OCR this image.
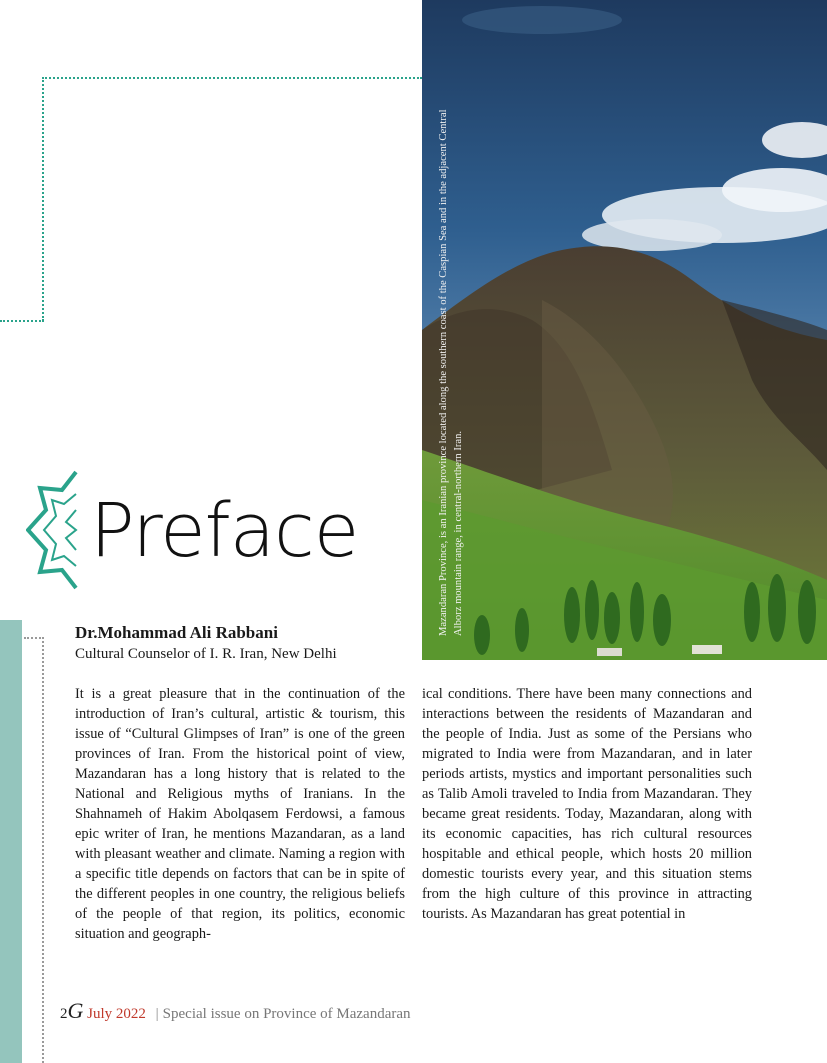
Mazandaran Province, is an Iranian province located along the southern coast of the Caspian Sea and in the adjacent Central Alborz mountain range, in central-northern Iran.
Preface
Dr.Mohammad Ali Rabbani
Cultural Counselor of I. R. Iran, New Delhi
It is a great pleasure that in the continuation of the introduction of Iran’s cultural, artistic & tourism, this issue of “Cultural Glimpses of Iran” is one of the green provinces of Iran. From the historical point of view, Mazandaran has a long history that is related to the National and Religious myths of Iranians. In the Shahnameh of Hakim Abolqasem Ferdowsi, a famous epic writer of Iran, he mentions Mazandaran, as a land with pleasant weather and climate. Naming a region with a specific title depends on factors that can be in spite of the different peoples in one country, the religious beliefs of the people of that region, its politics, economic situation and geograph-
ical conditions. There have been many connections and interactions between the residents of Mazandaran and the people of India. Just as some of the Persians who migrated to India were from Mazandaran, and in later periods artists, mystics and important personalities such as Talib Amoli traveled to India from Mazandaran. They became great residents. Today, Mazandaran, along with its economic capacities, has rich cultural resources hospitable and ethical people, which hosts 20 million domestic tourists every year, and this situation stems from the high culture of this province in attracting tourists. As Mazandaran has great potential in
2G July 2022 | Special issue on Province of Mazandaran
